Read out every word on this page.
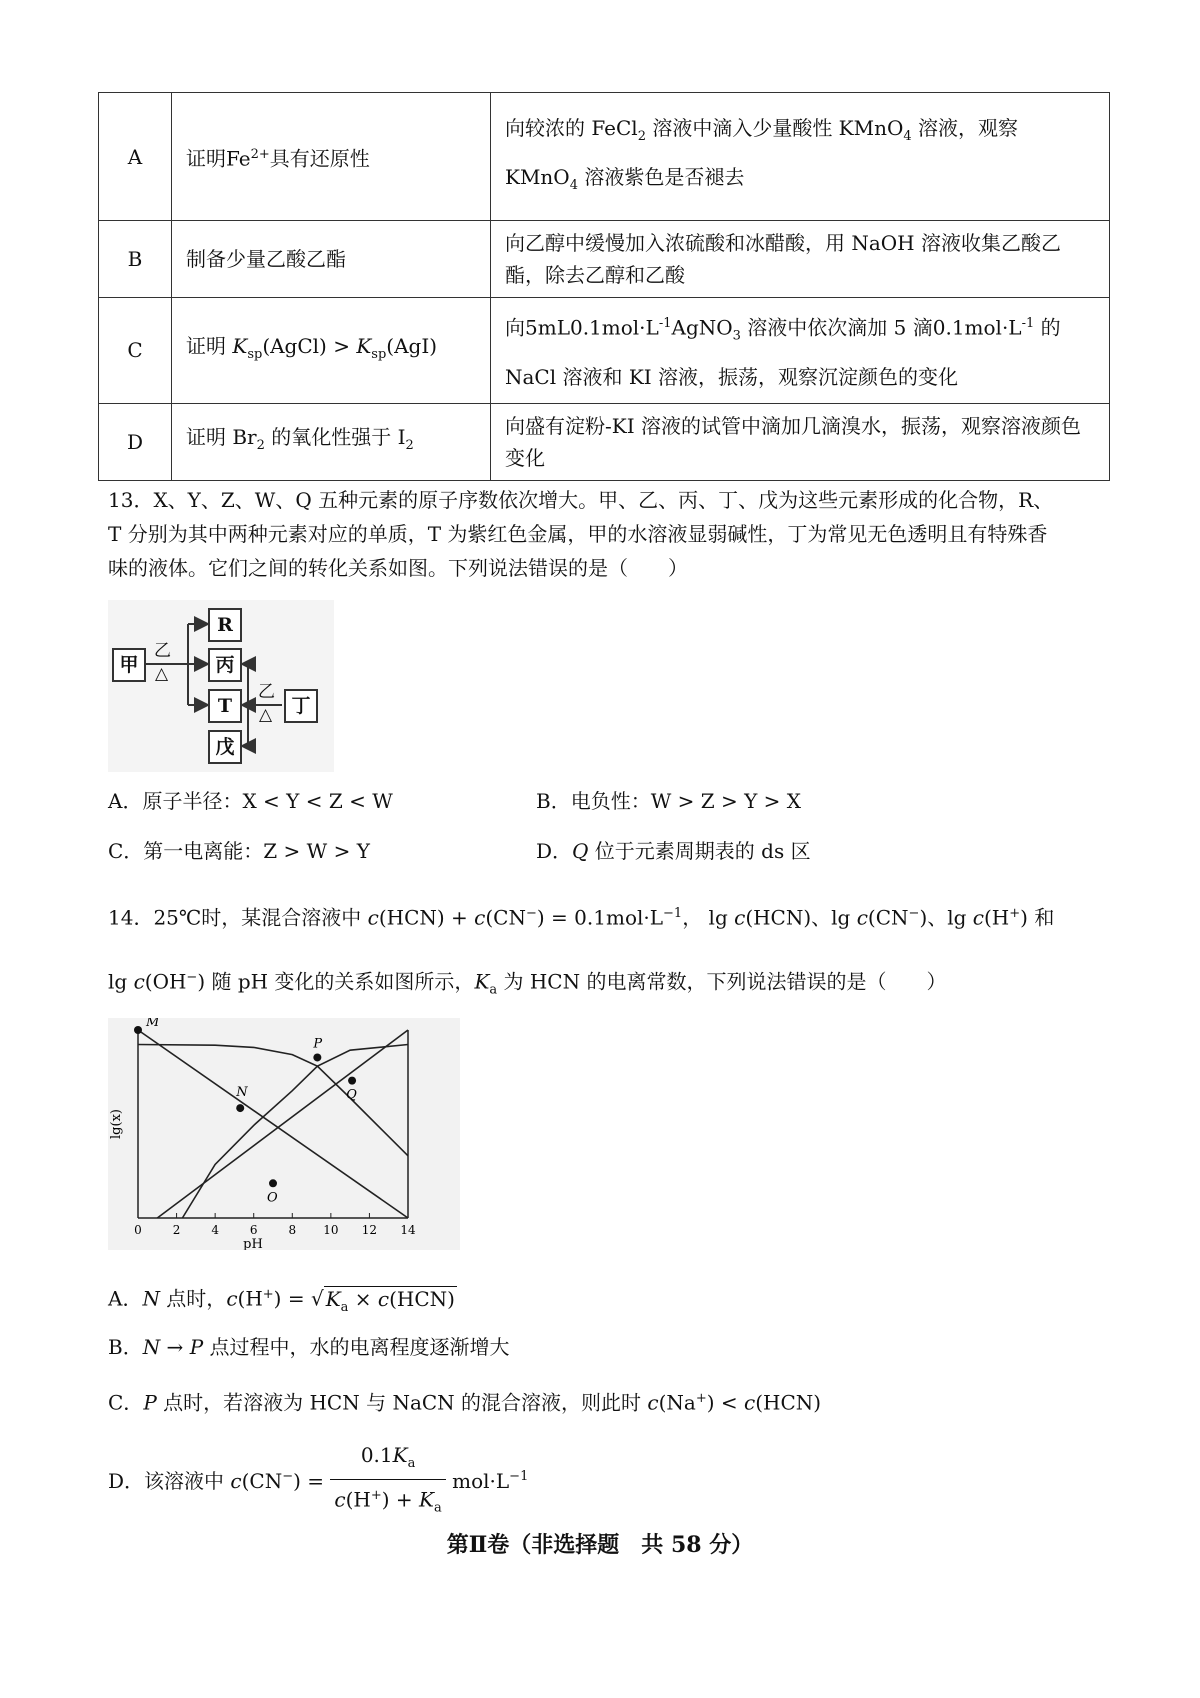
A	证明$Fe^{2+}$具有还原性	向较浓的 FeCl$_2$ 溶液中滴入少量酸性 KMnO$_4$ 溶液，观察
KMnO$_4$ 溶液紫色是否褪去
B	制备少量乙酸乙酯	向乙醇中缓慢加入浓硫酸和冰醋酸，用 NaOH 溶液收集乙酸乙酯，除去乙醇和乙酸
C	证明 $K_{sp}(AgCl) > K_{sp}(AgI)$	向$5mL0.1mol\cdot L^{-1}AgNO_3$ 溶液中依次滴加 5 滴$0.1mol\cdot L^{-1}$ 的
NaCl 溶液和 KI 溶液，振荡，观察沉淀颜色的变化
D	证明 $Br_2$ 的氧化性强于 $I_2$	向盛有淀粉-KI 溶液的试管中滴加几滴溴水，振荡，观察溶液颜色变化
13．X、Y、Z、W、Q 五种元素的原子序数依次增大。甲、乙、丙、丁、戊为这些元素形成的化合物，R、
T 分别为其中两种元素对应的单质，T 为紫红色金属，甲的水溶液显弱碱性，丁为常见无色透明且有特殊香
味的液体。它们之间的转化关系如图。下列说法错误的是（　　）
甲
乙
△
R
丙
T
戊
乙
△	丁
A．原子半径：X < Y < Z < W	B．电负性：W > Z > Y > X
C．第一电离能：Z > W > Y	D．Q 位于元素周期表的 ds 区
14．25℃时，某混合溶液中 $c(HCN) + c(CN^-) = 0.1mol\cdot L^{-1}$， lg c(HCN)、lg c(CN−)、lg c(H+) 和
lg c(OH−) 随 pH 变化的关系如图所示，$K_a$ 为 HCN 的电离常数，下列说法错误的是（　　）
0	2	4	6	8 10 12 14
pH
lg(x)
M
N
O
P
Q
A．N 点时，c(H+) = √ $K_a \times c(HCN)$
B．N → P 点过程中，水的电离程度逐渐增大
C．P 点时，若溶液为 HCN 与 NaCN 的混合溶液，则此时 c(Na+) < c(HCN)
D．该溶液中 $c(CN^-) = \frac{0.1K_a}{c(H^+) + K_a} mol\cdot L^{-1}$
第Ⅱ卷（非选择题　共 58 分）
